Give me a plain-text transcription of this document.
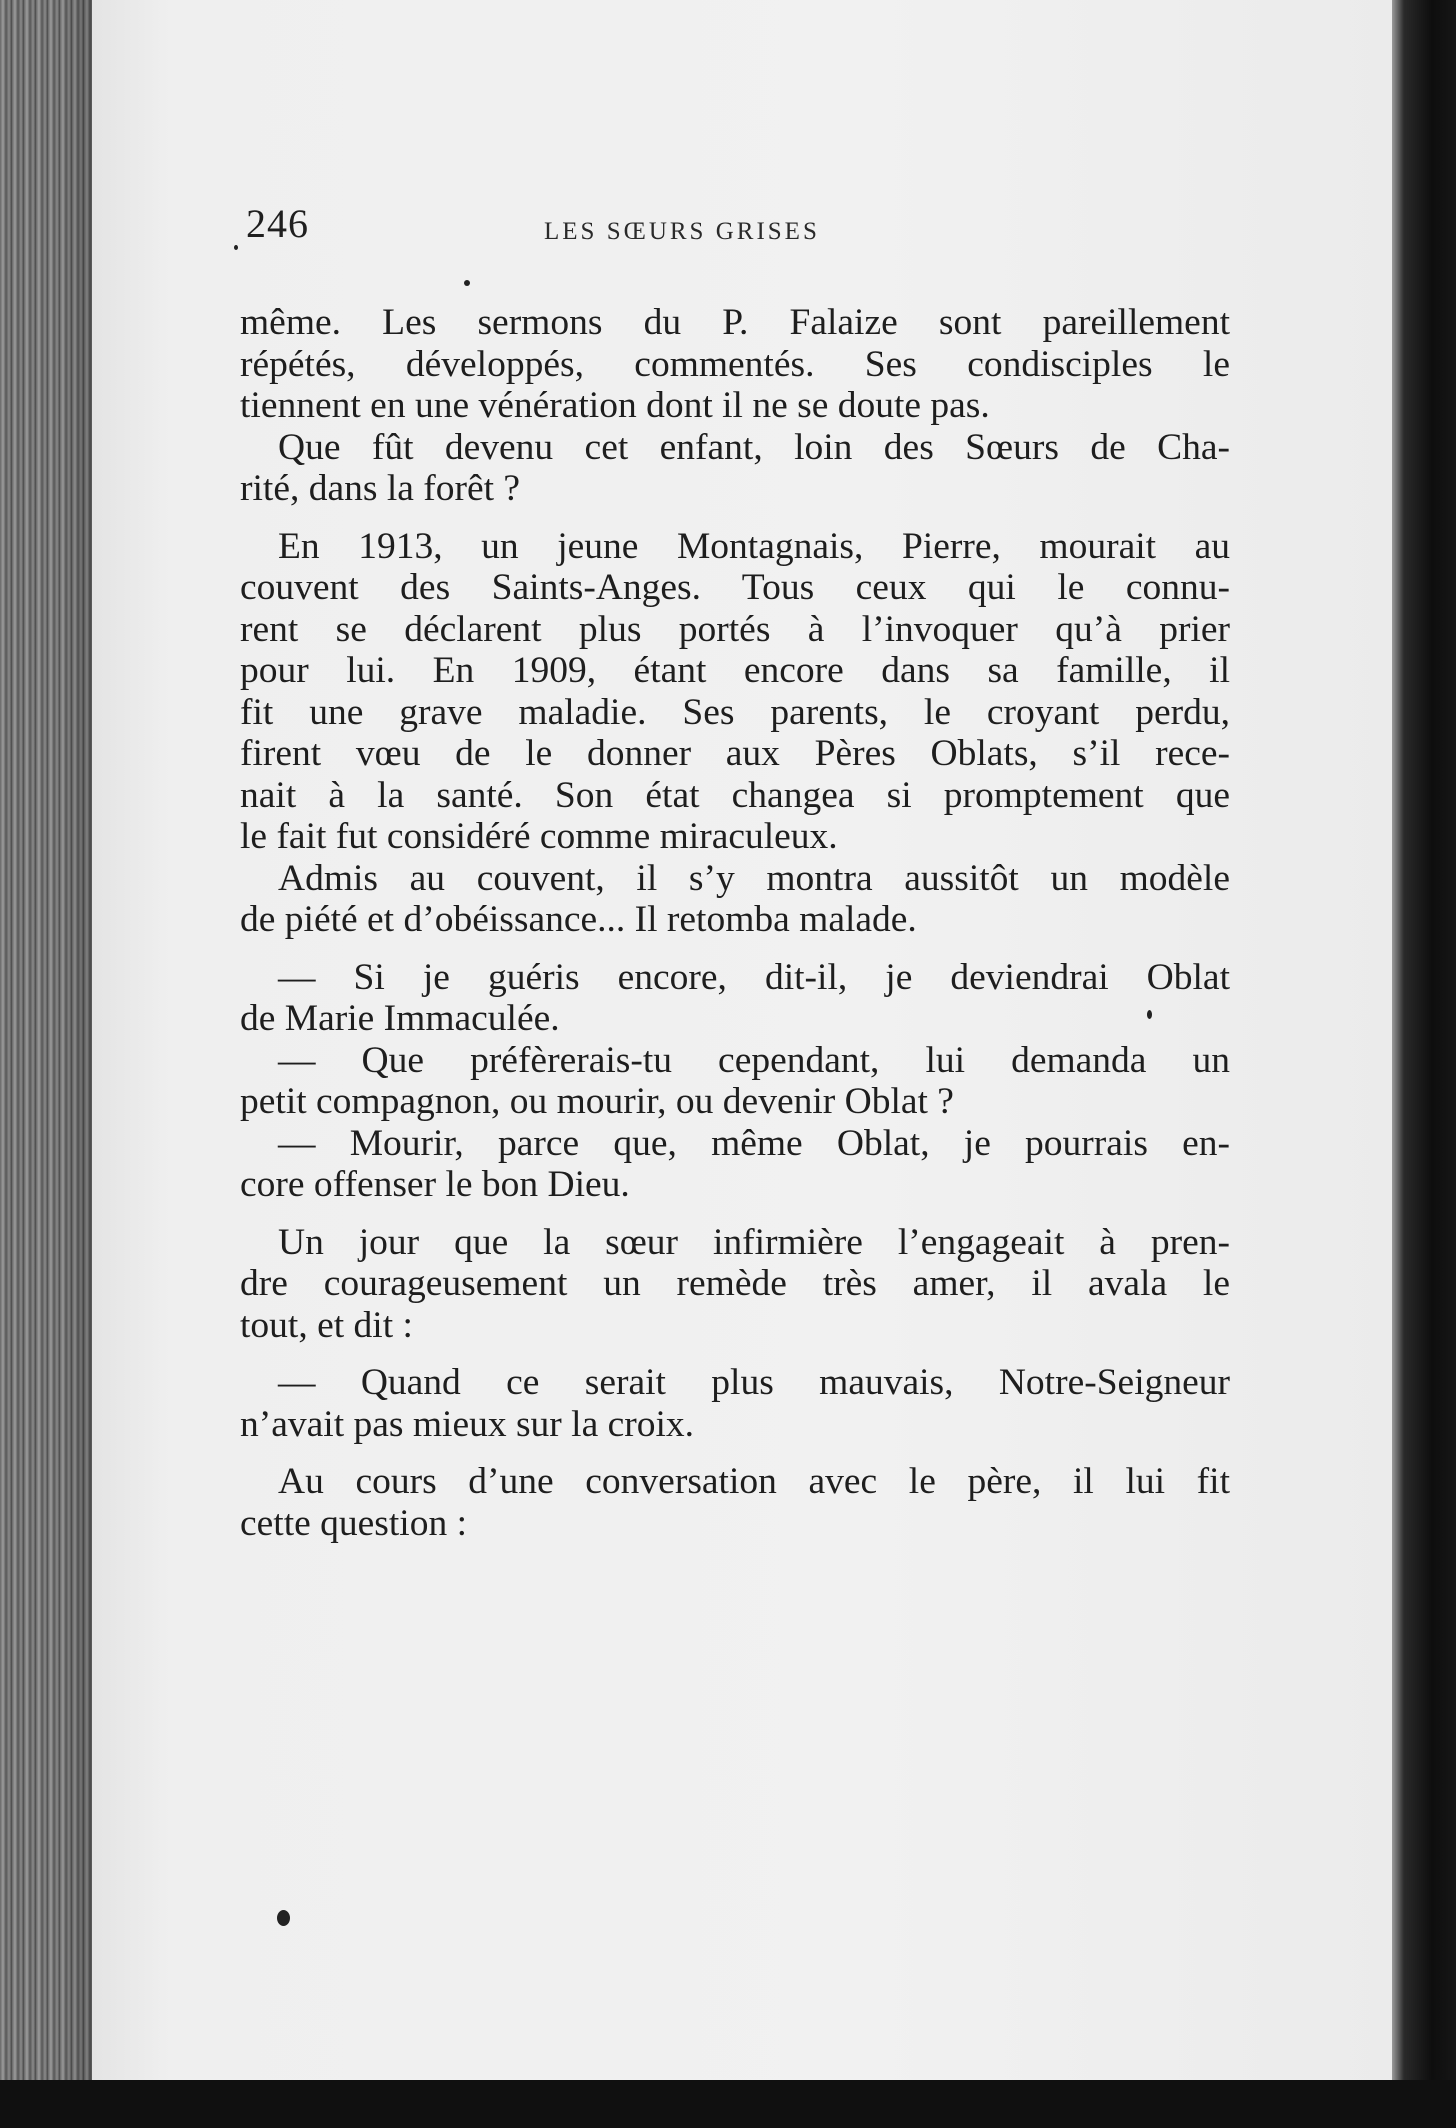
246	LES SŒURS GRISES
même. Les sermons du P. Falaize sont pareillement
répétés, développés, commentés. Ses condisciples le
tiennent en une vénération dont il ne se doute pas.
Que fût devenu cet enfant, loin des Sœurs de Cha-
rité, dans la forêt ?
En 1913, un jeune Montagnais, Pierre, mourait au
couvent des Saints-Anges. Tous ceux qui le connu-
rent se déclarent plus portés à l’invoquer qu’à prier
pour lui. En 1909, étant encore dans sa famille, il
fit une grave maladie. Ses parents, le croyant perdu,
firent vœu de le donner aux Pères Oblats, s’il rece-
nait à la santé. Son état changea si promptement que
le fait fut considéré comme miraculeux.
Admis au couvent, il s’y montra aussitôt un modèle
de piété et d’obéissance... Il retomba malade.
— Si je guéris encore, dit-il, je deviendrai Oblat
de Marie Immaculée.
— Que préfèrerais-tu cependant, lui demanda un
petit compagnon, ou mourir, ou devenir Oblat ?
— Mourir, parce que, même Oblat, je pourrais en-
core offenser le bon Dieu.
Un jour que la sœur infirmière l’engageait à pren-
dre courageusement un remède très amer, il avala le
tout, et dit :
— Quand ce serait plus mauvais, Notre-Seigneur
n’avait pas mieux sur la croix.
Au cours d’une conversation avec le père, il lui fit
cette question :
